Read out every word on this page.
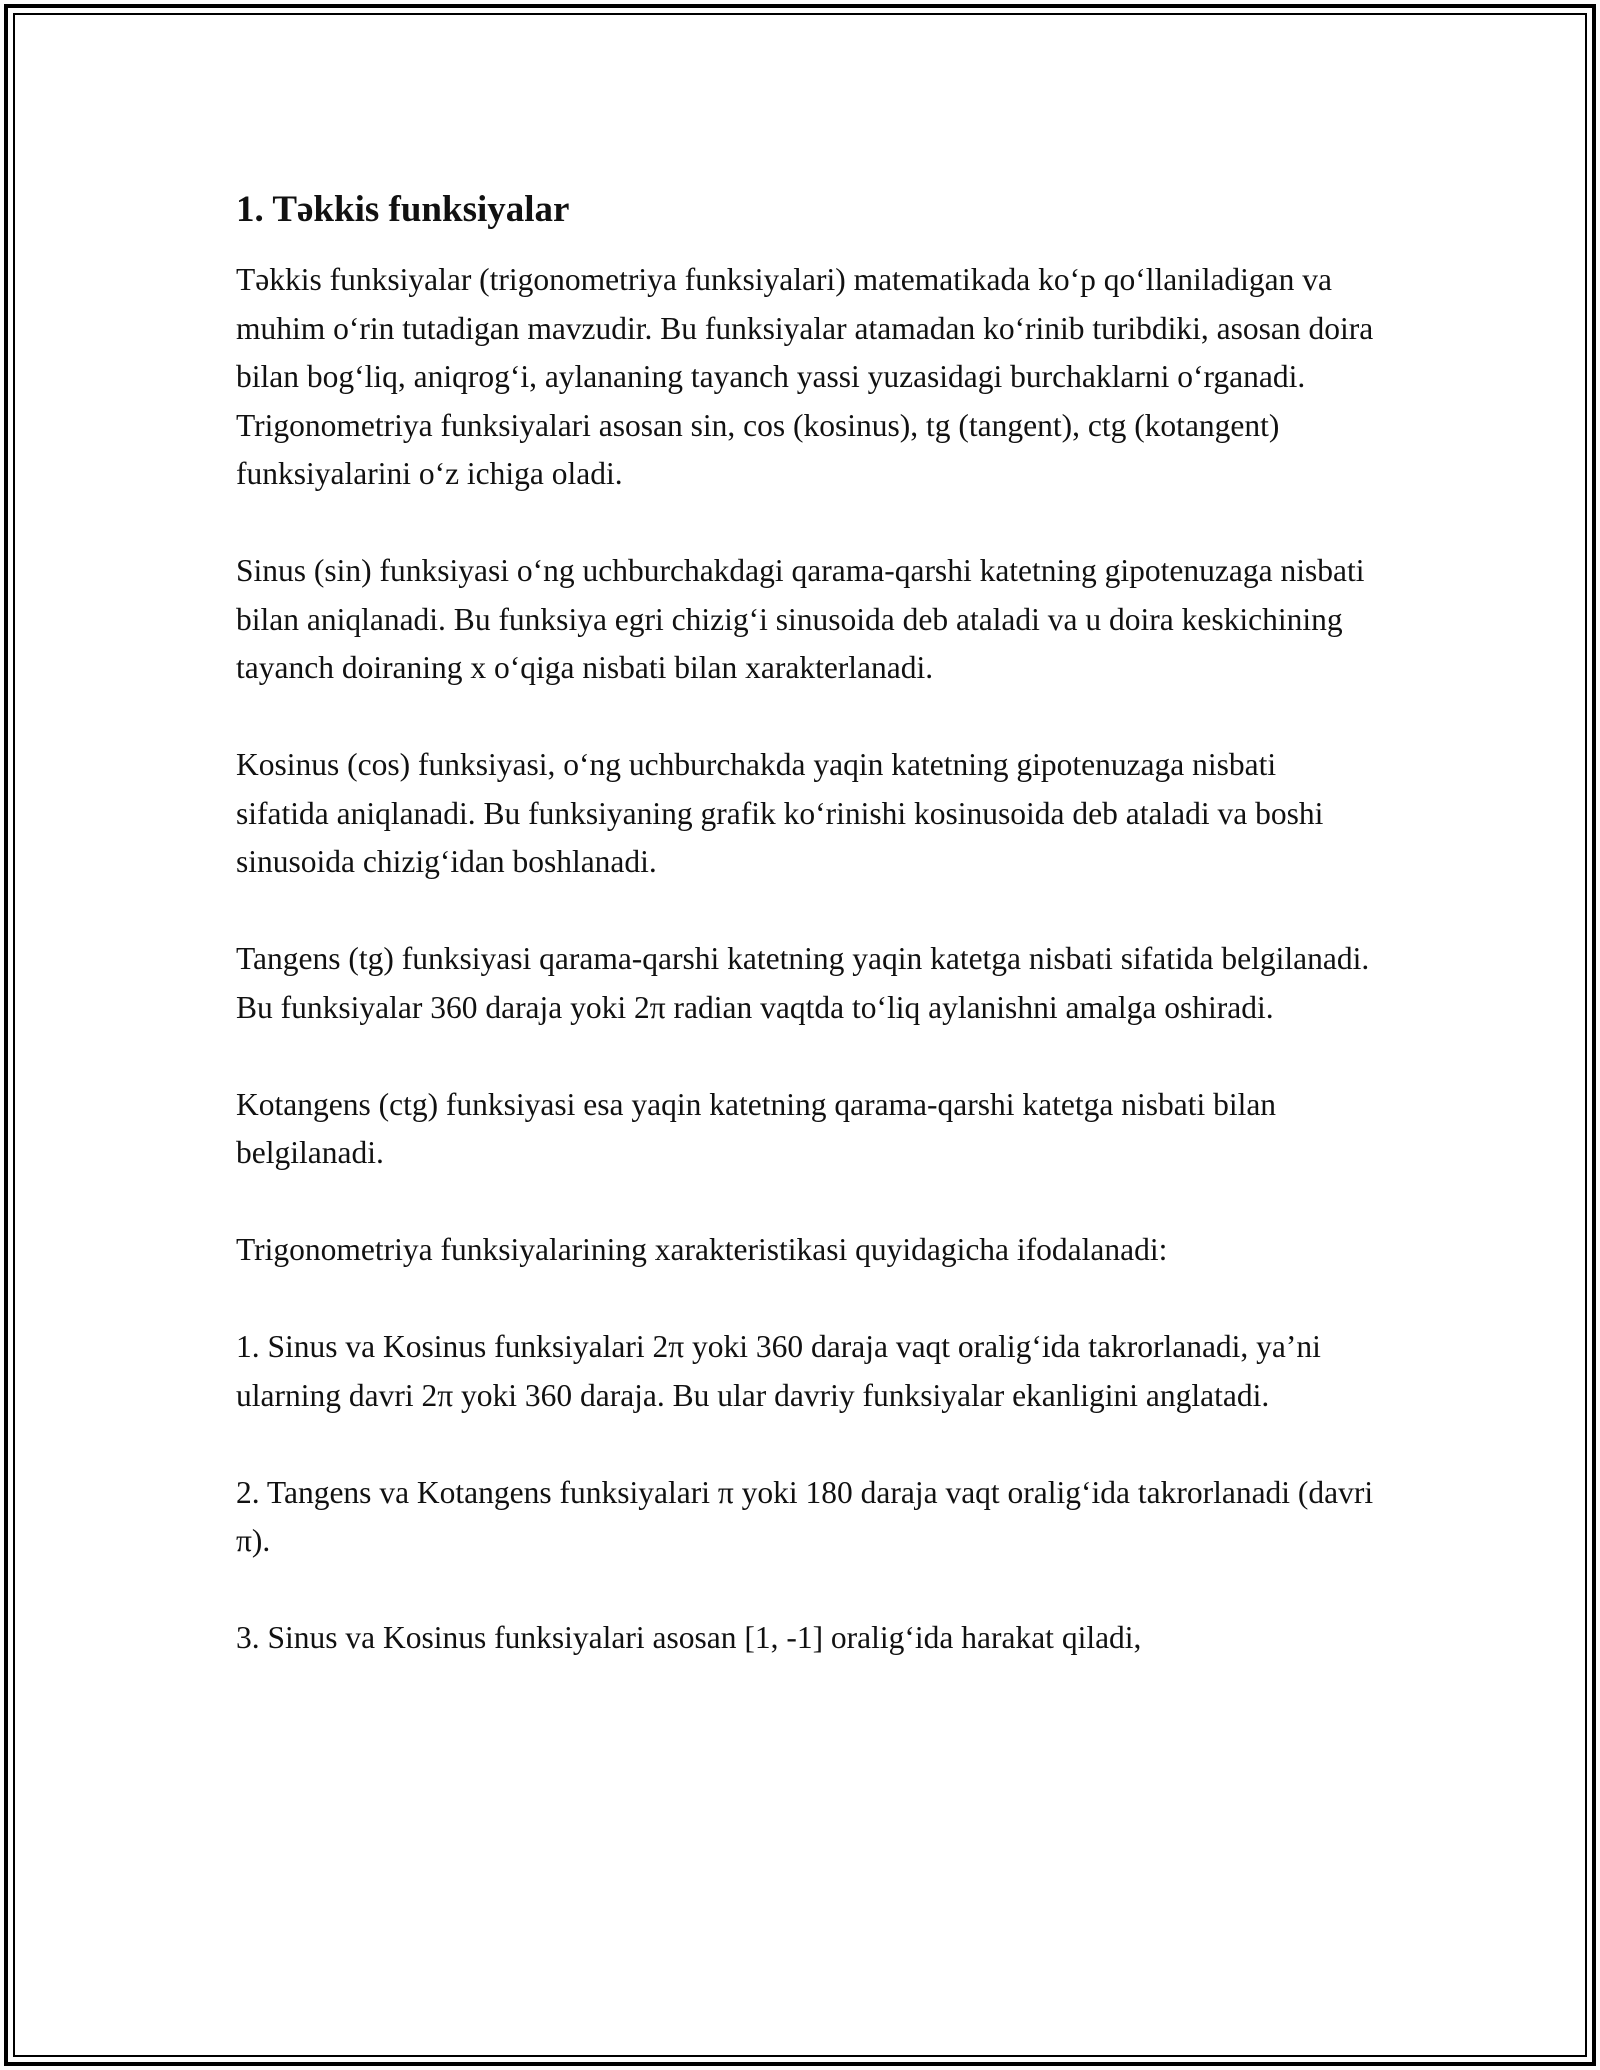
1. Təkkis funksiyalar

Təkkis funksiyalar (trigonometriya funksiyalari) matematikada koʻp qoʻllaniladigan va muhim oʻrin tutadigan mavzudir. Bu funksiyalar atamadan koʻrinib turibdiki, asosan doira bilan bogʻliq, aniqrogʻi, aylananing tayanch yassi yuzasidagi burchaklarni oʻrganadi. Trigonometriya funksiyalari asosan sin, cos (kosinus), tg (tangent), ctg (kotangent) funksiyalarini oʻz ichiga oladi.

Sinus (sin) funksiyasi oʻng uchburchakdagi qarama-qarshi katetning gipotenuzaga nisbati bilan aniqlanadi. Bu funksiya egri chizigʻi sinusoida deb ataladi va u doira keskichining tayanch doiraning x oʻqiga nisbati bilan xarakterlanadi.

Kosinus (cos) funksiyasi, oʻng uchburchakda yaqin katetning gipotenuzaga nisbati sifatida aniqlanadi. Bu funksiyaning grafik koʻrinishi kosinusoida deb ataladi va boshi sinusoida chizigʻidan boshlanadi.

Tangens (tg) funksiyasi qarama-qarshi katetning yaqin katetga nisbati sifatida belgilanadi. Bu funksiyalar 360 daraja yoki 2π radian vaqtda toʻliq aylanishni amalga oshiradi.

Kotangens (ctg) funksiyasi esa yaqin katetning qarama-qarshi katetga nisbati bilan belgilanadi.

Trigonometriya funksiyalarining xarakteristikasi quyidagicha ifodalanadi:

1. Sinus va Kosinus funksiyalari 2π yoki 360 daraja vaqt oraligʻida takrorlanadi, ya’ni ularning davri 2π yoki 360 daraja. Bu ular davriy funksiyalar ekanligini anglatadi.

2. Tangens va Kotangens funksiyalari π yoki 180 daraja vaqt oraligʻida takrorlanadi (davri π).

3. Sinus va Kosinus funksiyalari asosan [1, -1] oraligʻida harakat qiladi,
